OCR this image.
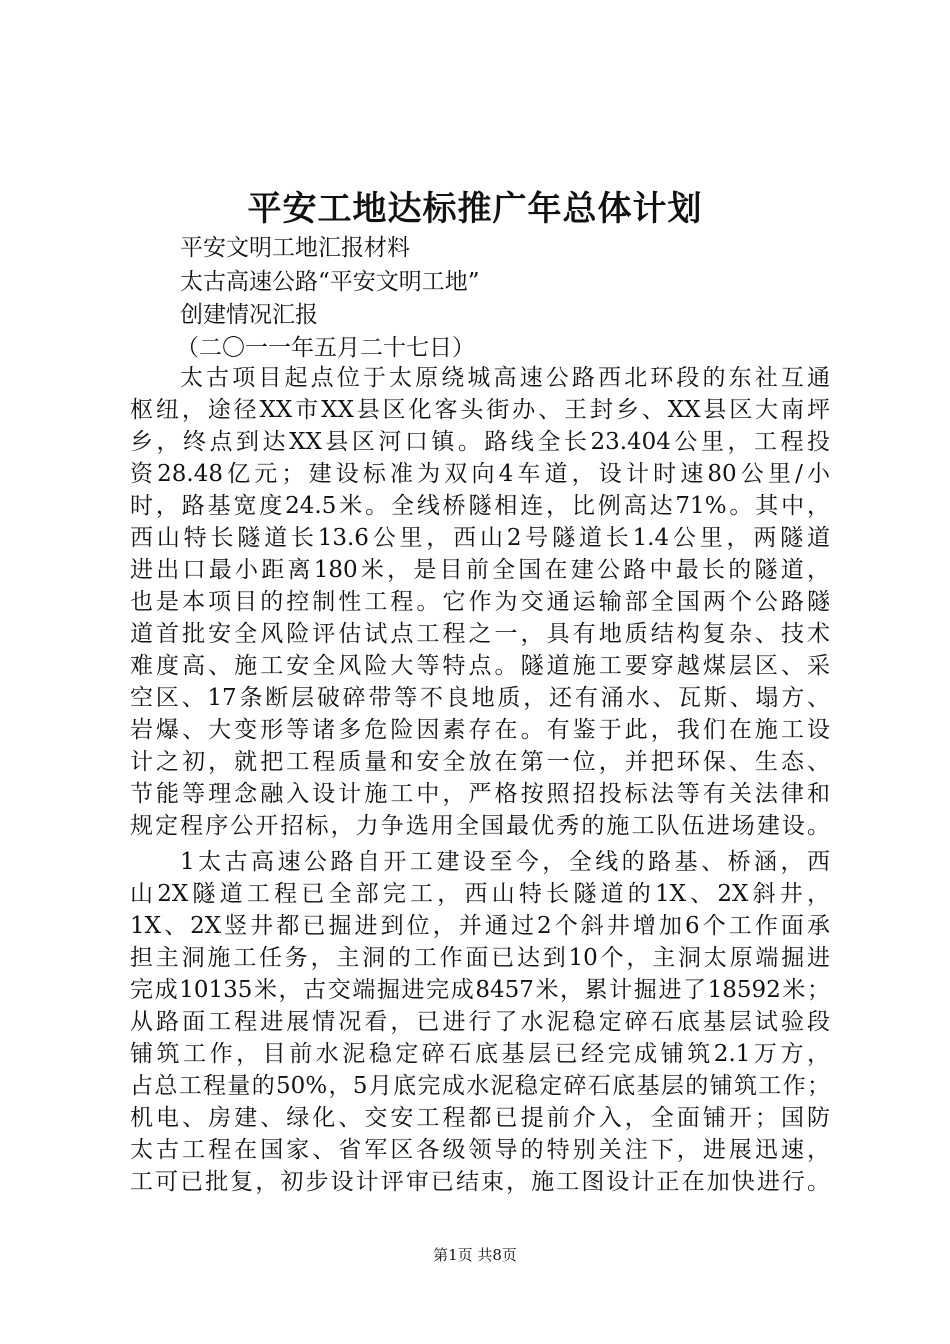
平安工地达标推广年总体计划
平安文明工地汇报材料
太古高速公路“平安文明工地”
创建情况汇报
（二〇一一年五月二十七日）
太古项目起点位于太原绕城高速公路西北环段的东社互通
枢纽，途径XX市XX县区化客头街办、王封乡、XX县区大南坪
乡，终点到达XX县区河口镇。路线全长23.404公里，工程投
资28.48亿元；建设标准为双向4车道，设计时速80公里/小
时，路基宽度24.5米。全线桥隧相连，比例高达71%。其中，
西山特长隧道长13.6公里，西山2号隧道长1.4公里，两隧道
进出口最小距离180米，是目前全国在建公路中最长的隧道，
也是本项目的控制性工程。它作为交通运输部全国两个公路隧
道首批安全风险评估试点工程之一，具有地质结构复杂、技术
难度高、施工安全风险大等特点。隧道施工要穿越煤层区、采
空区、17条断层破碎带等不良地质，还有涌水、瓦斯、塌方、
岩爆、大变形等诸多危险因素存在。有鉴于此，我们在施工设
计之初，就把工程质量和安全放在第一位，并把环保、生态、
节能等理念融入设计施工中，严格按照招投标法等有关法律和
规定程序公开招标，力争选用全国最优秀的施工队伍进场建设。
1太古高速公路自开工建设至今，全线的路基、桥涵，西
山2X隧道工程已全部完工，西山特长隧道的1X、2X斜井，
1X、2X竖井都已掘进到位，并通过2个斜井增加6个工作面承
担主洞施工任务，主洞的工作面已达到10个，主洞太原端掘进
完成10135米，古交端掘进完成8457米，累计掘进了18592米；
从路面工程进展情况看，已进行了水泥稳定碎石底基层试验段
铺筑工作，目前水泥稳定碎石底基层已经完成铺筑2.1万方，
占总工程量的50%，5月底完成水泥稳定碎石底基层的铺筑工作；
机电、房建、绿化、交安工程都已提前介入，全面铺开；国防
太古工程在国家、省军区各级领导的特别关注下，进展迅速，
工可已批复，初步设计评审已结束，施工图设计正在加快进行。
第1页 共8页
